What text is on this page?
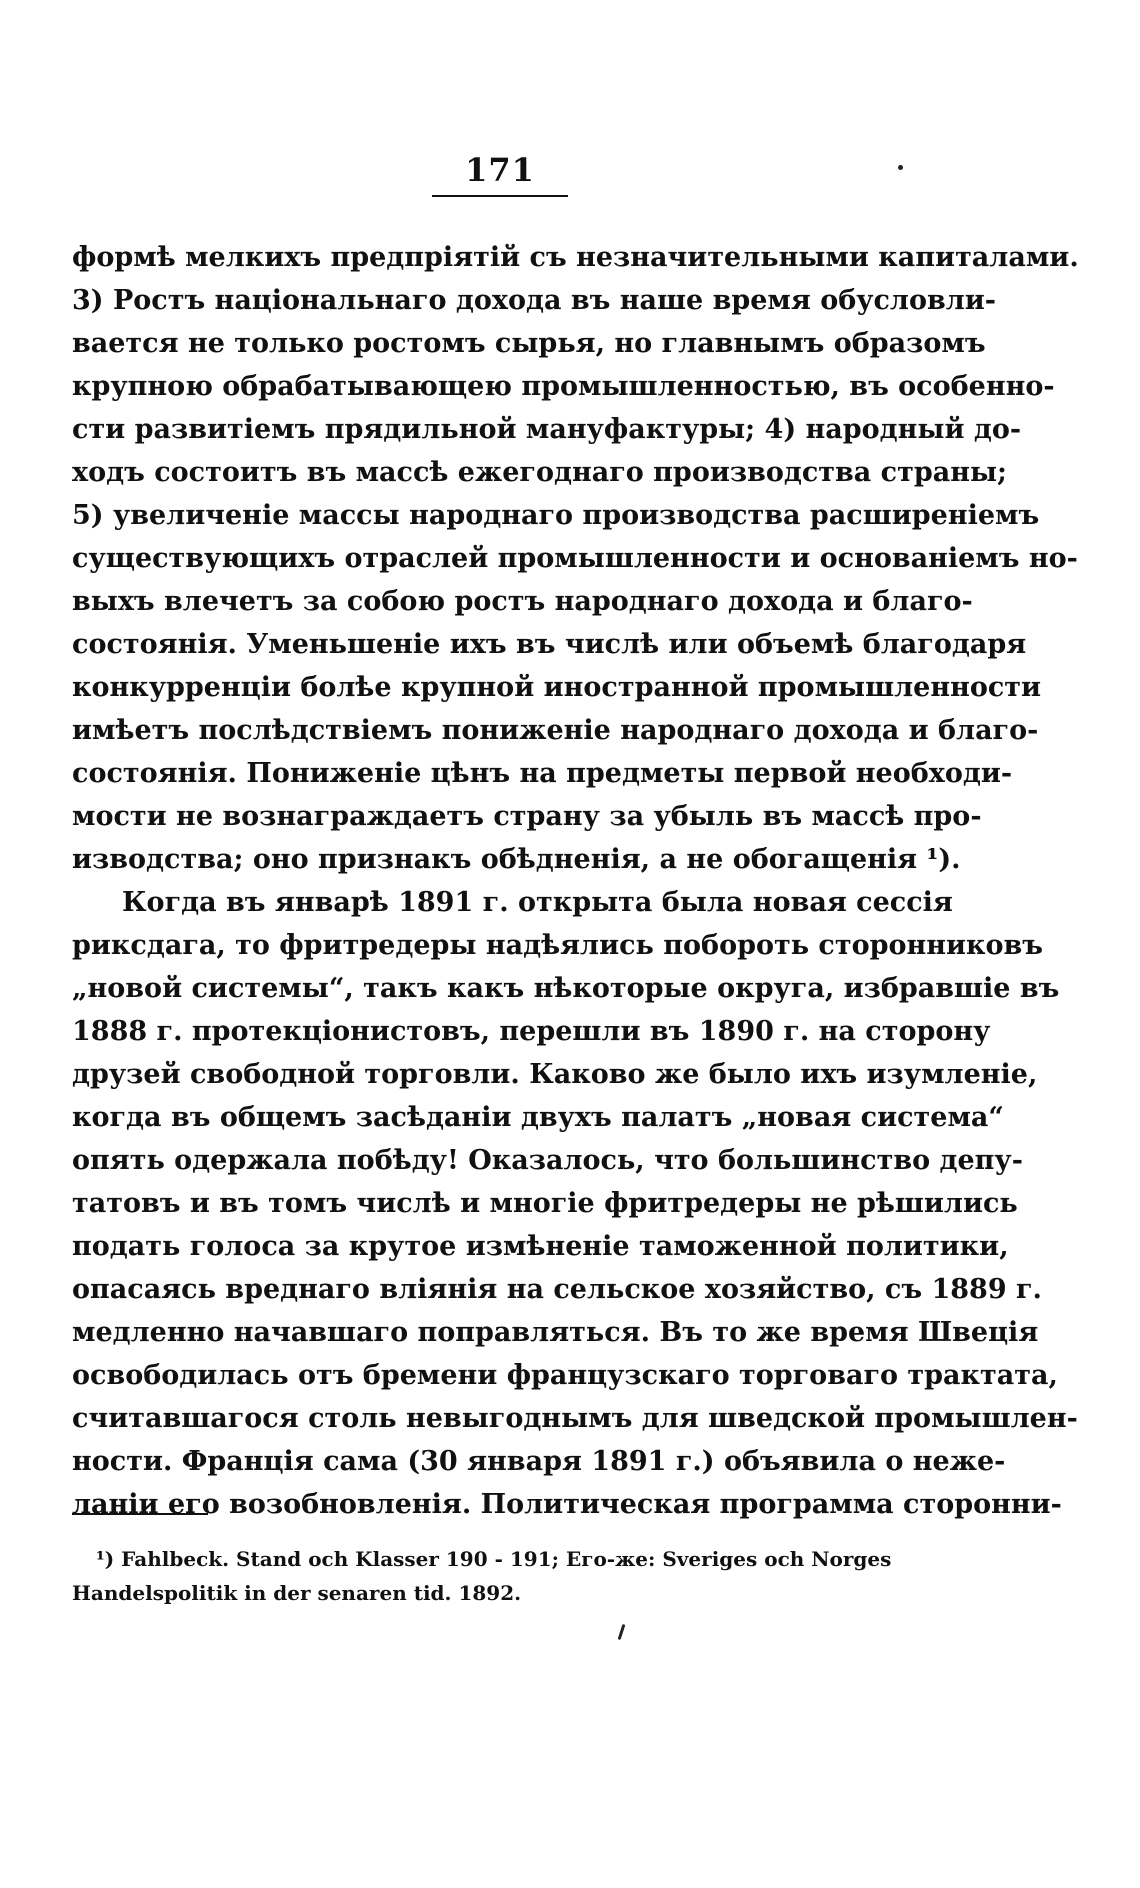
171
формѣ мелкихъ предпріятій съ незначительными капиталами.
3) Ростъ національнаго дохода въ наше время обусловли-
вается не только ростомъ сырья, но главнымъ образомъ
крупною обрабатывающею промышленностью, въ особенно-
сти развитіемъ прядильной мануфактуры; 4) народный до-
ходъ состоитъ въ массѣ ежегоднаго производства страны;
5) увеличеніе массы народнаго производства расширеніемъ
существующихъ отраслей промышленности и основаніемъ но-
выхъ влечетъ за собою ростъ народнаго дохода и благо-
состоянія. Уменьшеніе ихъ въ числѣ или объемѣ благодаря
конкурренціи болѣе крупной иностранной промышленности
имѣетъ послѣдствіемъ пониженіе народнаго дохода и благо-
состоянія. Пониженіе цѣнъ на предметы первой необходи-
мости не вознаграждаетъ страну за убыль въ массѣ про-
изводства; оно признакъ обѣдненія, а не обогащенія ¹).
Когда въ январѣ 1891 г. открыта была новая сессія
риксдага, то фритредеры надѣялись побороть сторонниковъ
„новой системы“, такъ какъ нѣкоторые округа, избравшіе въ
1888 г. протекціонистовъ, перешли въ 1890 г. на сторону
друзей свободной торговли. Каково же было ихъ изумленіе,
когда въ общемъ засѣданіи двухъ палатъ „новая система“
опять одержала побѣду! Оказалось, что большинство депу-
татовъ и въ томъ числѣ и многіе фритредеры не рѣшились
подать голоса за крутое измѣненіе таможенной политики,
опасаясь вреднаго вліянія на сельское хозяйство, съ 1889 г.
медленно начавшаго поправляться. Въ то же время Швеція
освободилась отъ бремени французскаго торговаго трактата,
считавшагося столь невыгоднымъ для шведской промышлен-
ности. Франція сама (30 января 1891 г.) объявила о неже-
ланіи его возобновленія. Политическая программа сторонни-
¹) Fahlbeck. Stand och Klasser 190 - 191; Его-же: Sveriges och Norges
Handelspolitik in der senaren tid. 1892.
